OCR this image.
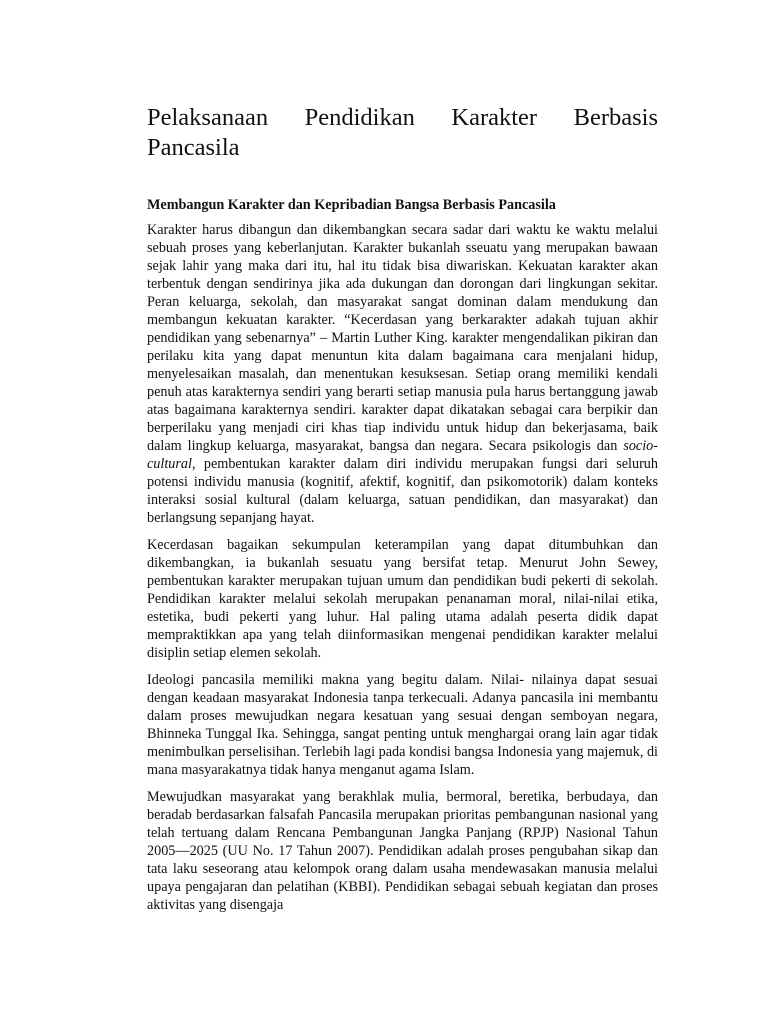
Pelaksanaan Pendidikan Karakter Berbasis Pancasila
Membangun Karakter dan Kepribadian Bangsa Berbasis Pancasila

Karakter harus dibangun dan dikembangkan secara sadar dari waktu ke waktu melalui sebuah proses yang keberlanjutan. Karakter bukanlah sseuatu yang merupakan bawaan sejak lahir yang maka dari itu, hal itu tidak bisa diwariskan. Kekuatan karakter akan terbentuk dengan sendirinya jika ada dukungan dan dorongan dari lingkungan sekitar. Peran keluarga, sekolah, dan masyarakat sangat dominan dalam mendukung dan membangun kekuatan karakter. “Kecerdasan yang berkarakter adakah tujuan akhir pendidikan yang sebenarnya” – Martin Luther King. karakter mengendalikan pikiran dan perilaku kita yang dapat menuntun kita dalam bagaimana cara menjalani hidup, menyelesaikan masalah, dan menentukan kesuksesan. Setiap orang memiliki kendali penuh atas karakternya sendiri yang berarti setiap manusia pula harus bertanggung jawab atas bagaimana karakternya sendiri. karakter dapat dikatakan sebagai cara berpikir dan berperilaku yang menjadi ciri khas tiap individu untuk hidup dan bekerjasama, baik dalam lingkup keluarga, masyarakat, bangsa dan negara. Secara psikologis dan socio-cultural, pembentukan karakter dalam diri individu merupakan fungsi dari seluruh potensi individu manusia (kognitif, afektif, kognitif, dan psikomotorik) dalam konteks interaksi sosial kultural (dalam keluarga, satuan pendidikan, dan masyarakat) dan berlangsung sepanjang hayat.

Kecerdasan bagaikan sekumpulan keterampilan yang dapat ditumbuhkan dan dikembangkan, ia bukanlah sesuatu yang bersifat tetap. Menurut John Sewey, pembentukan karakter merupakan tujuan umum dan pendidikan budi pekerti di sekolah. Pendidikan karakter melalui sekolah merupakan penanaman moral, nilai-nilai etika, estetika, budi pekerti yang luhur. Hal paling utama adalah peserta didik dapat mempraktikkan apa yang telah diinformasikan mengenai pendidikan karakter melalui disiplin setiap elemen sekolah.

Ideologi pancasila memiliki makna yang begitu dalam. Nilai- nilainya dapat sesuai dengan keadaan masyarakat Indonesia tanpa terkecuali. Adanya pancasila ini membantu dalam proses mewujudkan negara kesatuan yang sesuai dengan semboyan negara, Bhinneka Tunggal Ika. Sehingga, sangat penting untuk menghargai orang lain agar tidak menimbulkan perselisihan. Terlebih lagi pada kondisi bangsa Indonesia yang majemuk, di mana masyarakatnya tidak hanya menganut agama Islam.

Mewujudkan masyarakat yang berakhlak mulia, bermoral, beretika, berbudaya, dan beradab berdasarkan falsafah Pancasila merupakan prioritas pembangunan nasional yang telah tertuang dalam Rencana Pembangunan Jangka Panjang (RPJP) Nasional Tahun 2005—2025 (UU No. 17 Tahun 2007). Pendidikan adalah proses pengubahan sikap dan tata laku seseorang atau kelompok orang dalam usaha mendewasakan manusia melalui upaya pengajaran dan pelatihan (KBBI). Pendidikan sebagai sebuah kegiatan dan proses aktivitas yang disengaja
